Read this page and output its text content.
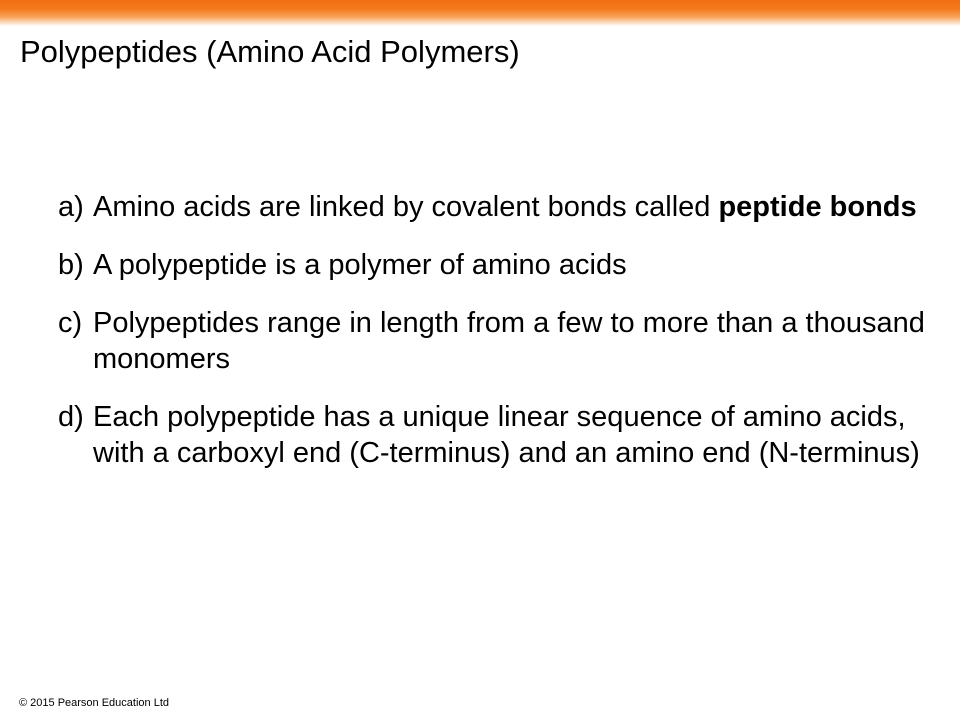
Polypeptides (Amino Acid Polymers)
a) Amino acids are linked by covalent bonds called peptide bonds
b) A polypeptide is a polymer of amino acids
c) Polypeptides range in length from a few to more than a thousand monomers
d) Each polypeptide has a unique linear sequence of amino acids, with a carboxyl end (C-terminus) and an amino end (N-terminus)
© 2015 Pearson Education Ltd
